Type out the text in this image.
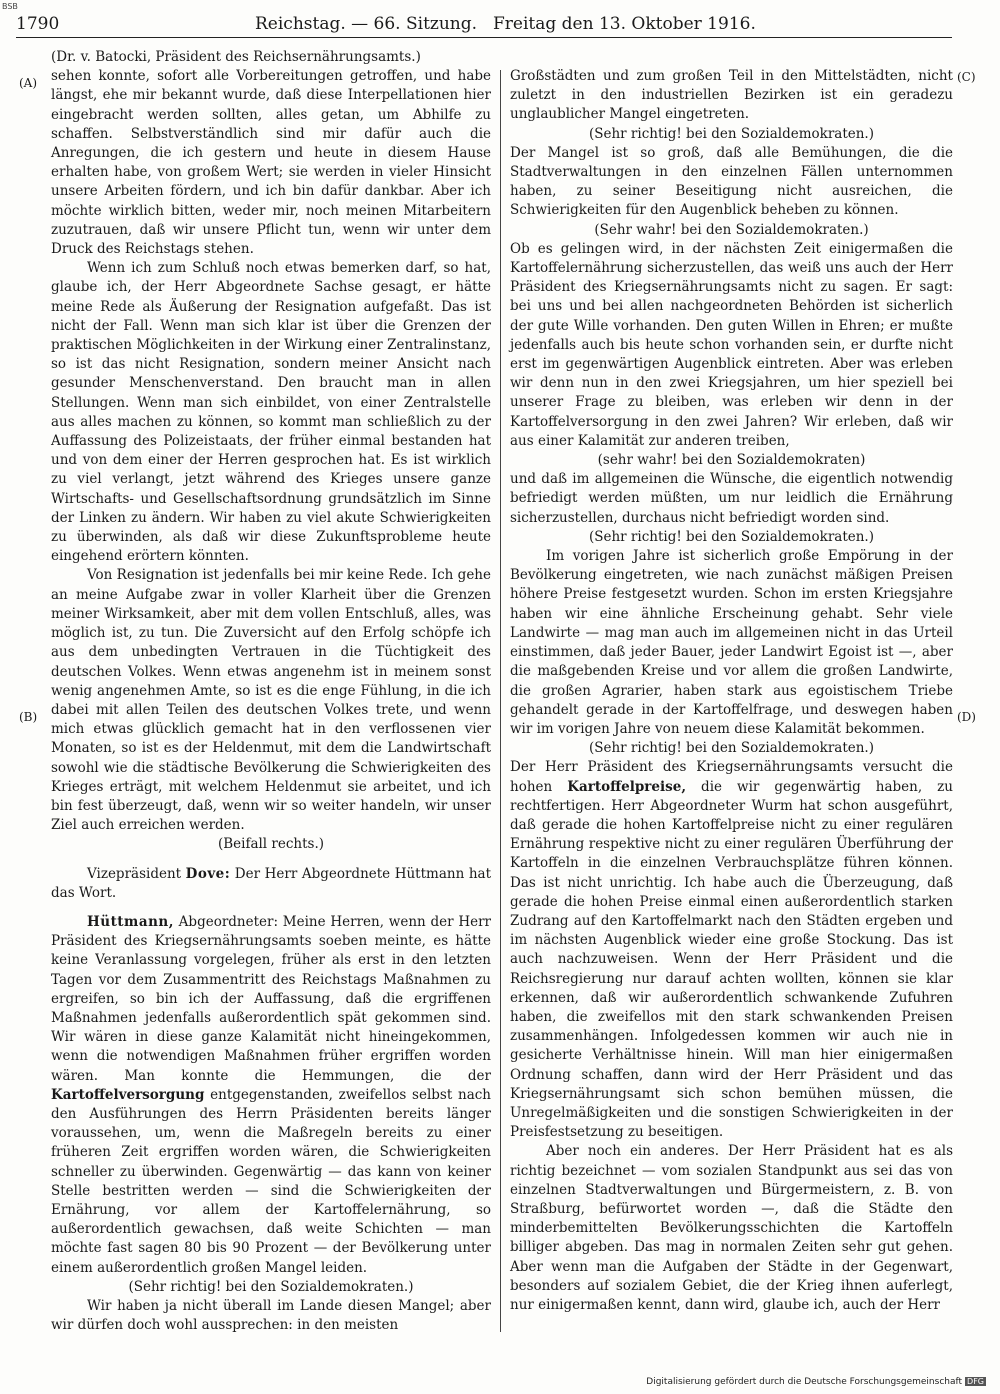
BSB
1790	Reichstag. — 66. Sitzung. Freitag den 13. Oktober 1916.
(A)
(B)
(C)
(D)

(Dr. v. Batocki, Präsident des Reichsernährungsamts.)

sehen konnte, sofort alle Vorbereitungen getroffen, und habe längst, ehe mir bekannt wurde, daß diese Interpellationen hier eingebracht werden sollten, alles getan, um Abhilfe zu schaffen. Selbstverständlich sind mir dafür auch die Anregungen, die ich gestern und heute in diesem Hause erhalten habe, von großem Wert; sie werden in vieler Hinsicht unsere Arbeiten fördern, und ich bin dafür dankbar. Aber ich möchte wirklich bitten, weder mir, noch meinen Mitarbeitern zuzutrauen, daß wir unsere Pflicht tun, wenn wir unter dem Druck des Reichstags stehen.

Wenn ich zum Schluß noch etwas bemerken darf, so hat, glaube ich, der Herr Abgeordnete Sachse gesagt, er hätte meine Rede als Äußerung der Resignation aufgefaßt. Das ist nicht der Fall. Wenn man sich klar ist über die Grenzen der praktischen Möglichkeiten in der Wirkung einer Zentralinstanz, so ist das nicht Resignation, sondern meiner Ansicht nach gesunder Menschenverstand. Den braucht man in allen Stellungen. Wenn man sich einbildet, von einer Zentralstelle aus alles machen zu können, so kommt man schließlich zu der Auffassung des Polizeistaats, der früher einmal bestanden hat und von dem einer der Herren gesprochen hat. Es ist wirklich zu viel verlangt, jetzt während des Krieges unsere ganze Wirtschafts- und Gesellschaftsordnung grundsätzlich im Sinne der Linken zu ändern. Wir haben zu viel akute Schwierigkeiten zu überwinden, als daß wir diese Zukunftsprobleme heute eingehend erörtern könnten.

Von Resignation ist jedenfalls bei mir keine Rede. Ich gehe an meine Aufgabe zwar in voller Klarheit über die Grenzen meiner Wirksamkeit, aber mit dem vollen Entschluß, alles, was möglich ist, zu tun. Die Zuversicht auf den Erfolg schöpfe ich aus dem unbedingten Vertrauen in die Tüchtigkeit des deutschen Volkes. Wenn etwas angenehm ist in meinem sonst wenig angenehmen Amte, so ist es die enge Fühlung, in die ich dabei mit allen Teilen des deutschen Volkes trete, und wenn mich etwas glücklich gemacht hat in den verflossenen vier Monaten, so ist es der Heldenmut, mit dem die Landwirtschaft sowohl wie die städtische Bevölkerung die Schwierigkeiten des Krieges erträgt, mit welchem Heldenmut sie arbeitet, und ich bin fest überzeugt, daß, wenn wir so weiter handeln, wir unser Ziel auch erreichen werden.

(Beifall rechts.)

Vizepräsident Dove: Der Herr Abgeordnete Hüttmann hat das Wort.

Hüttmann, Abgeordneter: Meine Herren, wenn der Herr Präsident des Kriegsernährungsamts soeben meinte, es hätte keine Veranlassung vorgelegen, früher als erst in den letzten Tagen vor dem Zusammentritt des Reichstags Maßnahmen zu ergreifen, so bin ich der Auffassung, daß die ergriffenen Maßnahmen jedenfalls außerordentlich spät gekommen sind. Wir wären in diese ganze Kalamität nicht hineingekommen, wenn die notwendigen Maßnahmen früher ergriffen worden wären. Man konnte die Hemmungen, die der Kartoffelversorgung entgegenstanden, zweifellos selbst nach den Ausführungen des Herrn Präsidenten bereits länger voraussehen, um, wenn die Maßregeln bereits zu einer früheren Zeit ergriffen worden wären, die Schwierigkeiten schneller zu überwinden. Gegenwärtig — das kann von keiner Stelle bestritten werden — sind die Schwierigkeiten der Ernährung, vor allem der Kartoffelernährung, so außerordentlich gewachsen, daß weite Schichten — man möchte fast sagen 80 bis 90 Prozent — der Bevölkerung unter einem außerordentlich großen Mangel leiden.

(Sehr richtig! bei den Sozialdemokraten.)

Wir haben ja nicht überall im Lande diesen Mangel; aber wir dürfen doch wohl aussprechen: in den meisten

Großstädten und zum großen Teil in den Mittelstädten, nicht zuletzt in den industriellen Bezirken ist ein geradezu unglaublicher Mangel eingetreten.

(Sehr richtig! bei den Sozialdemokraten.)

Der Mangel ist so groß, daß alle Bemühungen, die die Stadtverwaltungen in den einzelnen Fällen unternommen haben, zu seiner Beseitigung nicht ausreichen, die Schwierigkeiten für den Augenblick beheben zu können.

(Sehr wahr! bei den Sozialdemokraten.)

Ob es gelingen wird, in der nächsten Zeit einigermaßen die Kartoffelernährung sicherzustellen, das weiß uns auch der Herr Präsident des Kriegsernährungsamts nicht zu sagen. Er sagt: bei uns und bei allen nachgeordneten Behörden ist sicherlich der gute Wille vorhanden. Den guten Willen in Ehren; er mußte jedenfalls auch bis heute schon vorhanden sein, er durfte nicht erst im gegenwärtigen Augenblick eintreten. Aber was erleben wir denn nun in den zwei Kriegsjahren, um hier speziell bei unserer Frage zu bleiben, was erleben wir denn in der Kartoffelversorgung in den zwei Jahren? Wir erleben, daß wir aus einer Kalamität zur anderen treiben,

(sehr wahr! bei den Sozialdemokraten)

und daß im allgemeinen die Wünsche, die eigentlich notwendig befriedigt werden müßten, um nur leidlich die Ernährung sicherzustellen, durchaus nicht befriedigt worden sind.

(Sehr richtig! bei den Sozialdemokraten.)

Im vorigen Jahre ist sicherlich große Empörung in der Bevölkerung eingetreten, wie nach zunächst mäßigen Preisen höhere Preise festgesetzt wurden. Schon im ersten Kriegsjahre haben wir eine ähnliche Erscheinung gehabt. Sehr viele Landwirte — mag man auch im allgemeinen nicht in das Urteil einstimmen, daß jeder Bauer, jeder Landwirt Egoist ist —, aber die maßgebenden Kreise und vor allem die großen Landwirte, die großen Agrarier, haben stark aus egoistischem Triebe gehandelt gerade in der Kartoffelfrage, und deswegen haben wir im vorigen Jahre von neuem diese Kalamität bekommen.

(Sehr richtig! bei den Sozialdemokraten.)

Der Herr Präsident des Kriegsernährungsamts versucht die hohen Kartoffelpreise, die wir gegenwärtig haben, zu rechtfertigen. Herr Abgeordneter Wurm hat schon ausgeführt, daß gerade die hohen Kartoffelpreise nicht zu einer regulären Ernährung respektive nicht zu einer regulären Überführung der Kartoffeln in die einzelnen Verbrauchsplätze führen können. Das ist nicht unrichtig. Ich habe auch die Überzeugung, daß gerade die hohen Preise einmal einen außerordentlich starken Zudrang auf den Kartoffelmarkt nach den Städten ergeben und im nächsten Augenblick wieder eine große Stockung. Das ist auch nachzuweisen. Wenn der Herr Präsident und die Reichsregierung nur darauf achten wollten, können sie klar erkennen, daß wir außerordentlich schwankende Zufuhren haben, die zweifellos mit den stark schwankenden Preisen zusammenhängen. Infolgedessen kommen wir auch nie in gesicherte Verhältnisse hinein. Will man hier einigermaßen Ordnung schaffen, dann wird der Herr Präsident und das Kriegsernährungsamt sich schon bemühen müssen, die Unregelmäßigkeiten und die sonstigen Schwierigkeiten in der Preisfestsetzung zu beseitigen.

Aber noch ein anderes. Der Herr Präsident hat es als richtig bezeichnet — vom sozialen Standpunkt aus sei das von einzelnen Stadtverwaltungen und Bürgermeistern, z. B. von Straßburg, befürwortet worden —, daß die Städte den minderbemittelten Bevölkerungsschichten die Kartoffeln billiger abgeben. Das mag in normalen Zeiten sehr gut gehen. Aber wenn man die Aufgaben der Städte in der Gegenwart, besonders auf sozialem Gebiet, die der Krieg ihnen auferlegt, nur einigermaßen kennt, dann wird, glaube ich, auch der Herr

Digitalisierung gefördert durch die Deutsche Forschungsgemeinschaft DFG
